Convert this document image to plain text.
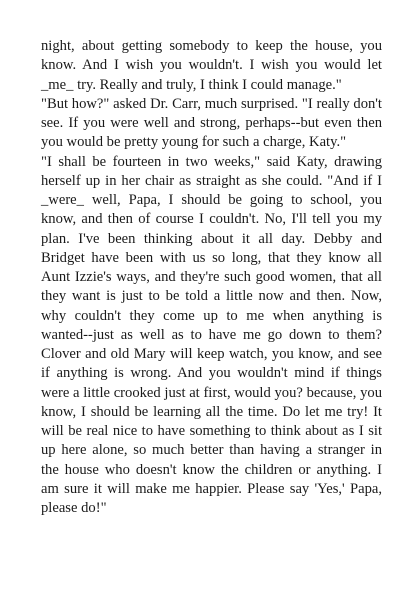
night, about getting somebody to keep the house, you know. And I wish you wouldn't. I wish you would let _me_ try. Really and truly, I think I could manage."

"But how?" asked Dr. Carr, much surprised. "I really don't see. If you were well and strong, perhaps--but even then you would be pretty young for such a charge, Katy."

"I shall be fourteen in two weeks," said Katy, drawing herself up in her chair as straight as she could. "And if I _were_ well, Papa, I should be going to school, you know, and then of course I couldn't. No, I'll tell you my plan. I've been thinking about it all day. Debby and Bridget have been with us so long, that they know all Aunt Izzie's ways, and they're such good women, that all they want is just to be told a little now and then. Now, why couldn't they come up to me when anything is wanted--just as well as to have me go down to them? Clover and old Mary will keep watch, you know, and see if anything is wrong. And you wouldn't mind if things were a little crooked just at first, would you? because, you know, I should be learning all the time. Do let me try! It will be real nice to have something to think about as I sit up here alone, so much better than having a stranger in the house who doesn't know the children or anything. I am sure it will make me happier. Please say 'Yes,' Papa, please do!"
